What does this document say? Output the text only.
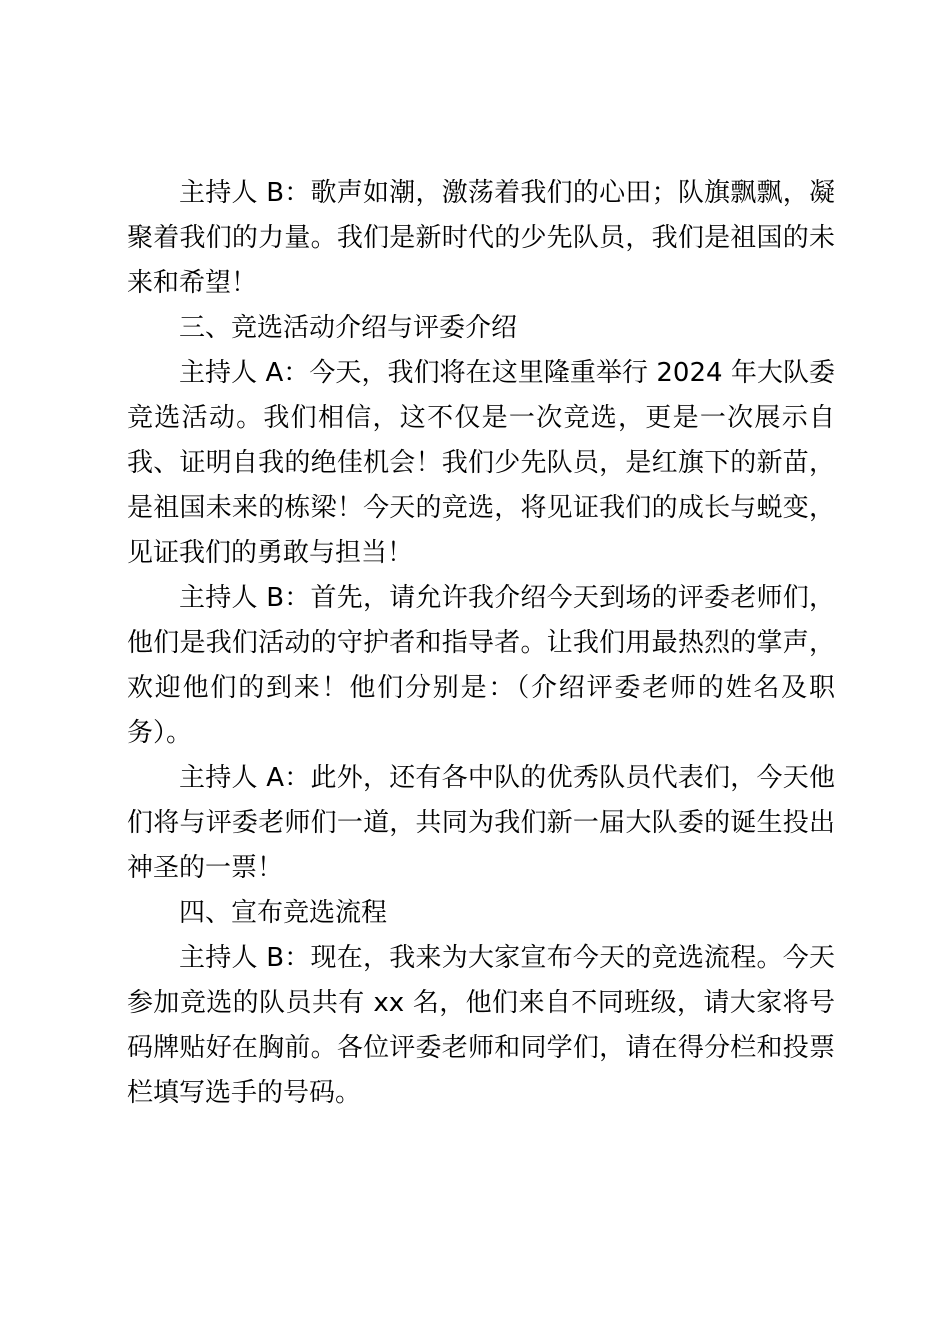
主持人 B：歌声如潮，激荡着我们的心田；队旗飘飘，凝聚着我们的力量。我们是新时代的少先队员，我们是祖国的未来和希望！

三、竞选活动介绍与评委介绍

主持人 A：今天，我们将在这里隆重举行 2024 年大队委竞选活动。我们相信，这不仅是一次竞选，更是一次展示自我、证明自我的绝佳机会！我们少先队员，是红旗下的新苗，是祖国未来的栋梁！今天的竞选，将见证我们的成长与蜕变，见证我们的勇敢与担当！

主持人 B：首先，请允许我介绍今天到场的评委老师们，他们是我们活动的守护者和指导者。让我们用最热烈的掌声，欢迎他们的到来！他们分别是：（介绍评委老师的姓名及职务）。

主持人 A：此外，还有各中队的优秀队员代表们，今天他们将与评委老师们一道，共同为我们新一届大队委的诞生投出神圣的一票！

四、宣布竞选流程

主持人 B：现在，我来为大家宣布今天的竞选流程。今天参加竞选的队员共有 xx 名，他们来自不同班级，请大家将号码牌贴好在胸前。各位评委老师和同学们，请在得分栏和投票栏填写选手的号码。
